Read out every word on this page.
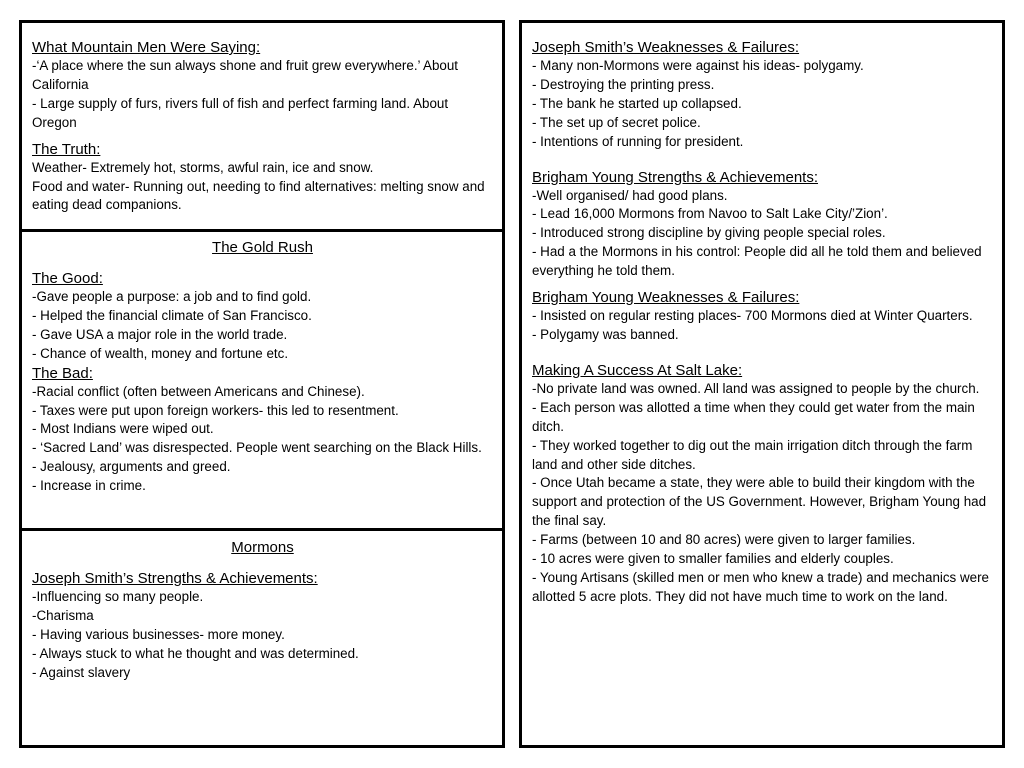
What Mountain Men Were Saying:
-‘A place where the sun always shone and fruit grew everywhere.’ About California
- Large supply of furs, rivers full of fish and perfect farming land. About Oregon
The Truth:
Weather- Extremely hot, storms, awful rain, ice and snow.
Food and water- Running out, needing to find alternatives: melting snow and eating dead companions.
The Gold Rush
The Good:
-Gave people a purpose: a job and to find gold.
- Helped the financial climate of San Francisco.
- Gave USA a major role in the world trade.
- Chance of wealth, money and fortune etc.
The Bad:
-Racial conflict (often between Americans and Chinese).
- Taxes were put upon foreign workers- this led to resentment.
- Most Indians were wiped out.
- ‘Sacred Land’ was disrespected. People went searching on the Black Hills.
- Jealousy, arguments and greed.
- Increase in crime.
Mormons
Joseph Smith’s Strengths & Achievements:
-Influencing so many people.
-Charisma
- Having various businesses- more money.
- Always stuck to what he thought and was determined.
- Against slavery
Joseph Smith’s Weaknesses & Failures:
- Many non-Mormons were against his ideas- polygamy.
- Destroying the printing press.
- The bank he started up collapsed.
- The set up of secret police.
- Intentions of running for president.
Brigham Young Strengths & Achievements:
-Well organised/ had good plans.
- Lead 16,000 Mormons from Navoo to Salt Lake City/’Zion’.
- Introduced strong discipline by giving people special roles.
- Had a the Mormons in his control: People did all he told them and believed everything he told them.
Brigham Young Weaknesses & Failures:
- Insisted on regular resting places- 700 Mormons died at Winter Quarters.
- Polygamy was banned.
Making A Success At Salt Lake:
-No private land was owned. All land was assigned to people by the church.
- Each person was allotted a time when they could get water from the main ditch.
- They worked together to dig out the main irrigation ditch through the farm land and other side ditches.
- Once Utah became a state, they were able to build their kingdom with the support and protection of the US Government. However, Brigham Young had the final say.
- Farms (between 10 and 80 acres) were given to larger families.
- 10 acres were given to smaller families and elderly couples.
- Young Artisans (skilled men or men who knew a trade) and mechanics were allotted 5 acre plots. They did not have much time to work on the land.
